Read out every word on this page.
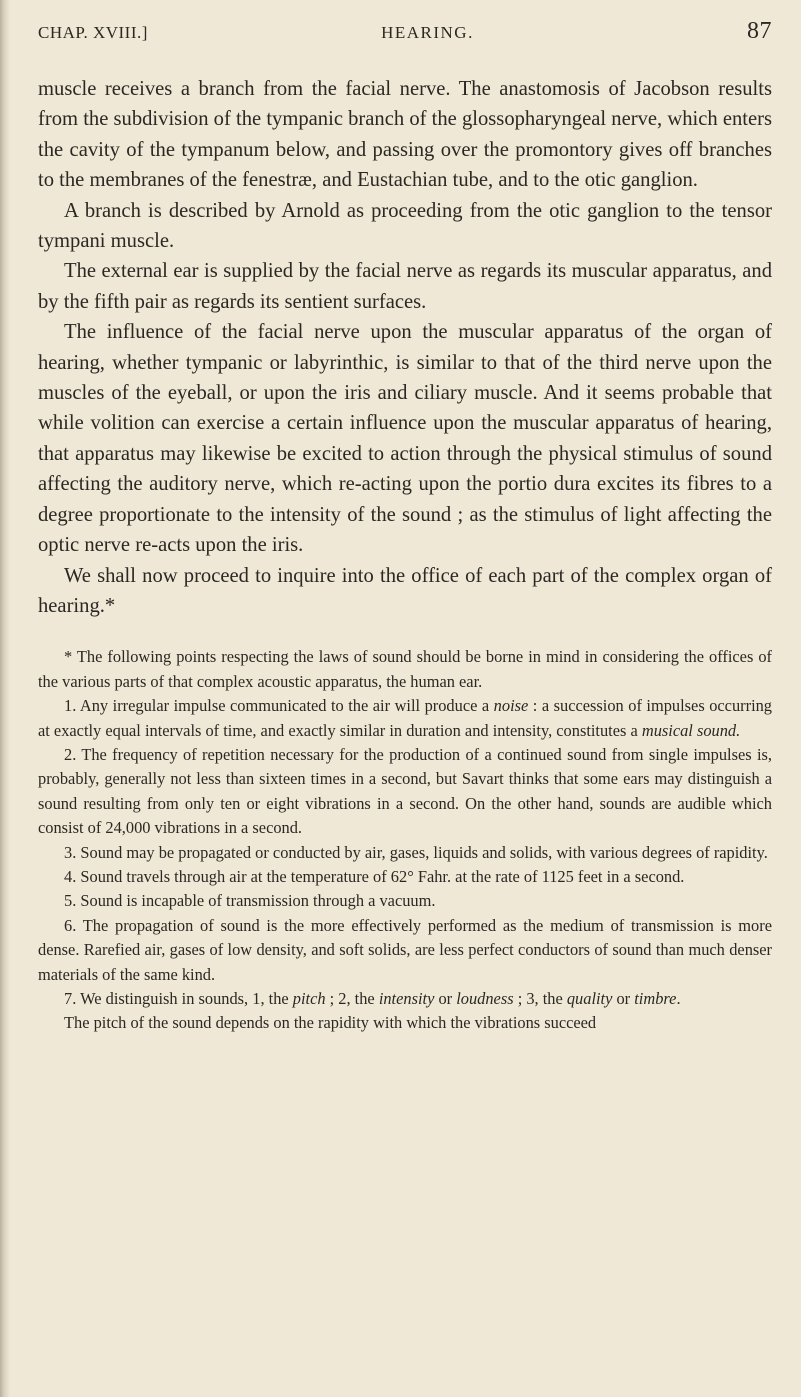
CHAP. XVIII.]	HEARING.	87

muscle receives a branch from the facial nerve. The anastomosis of Jacobson results from the subdivision of the tympanic branch of the glossopharyngeal nerve, which enters the cavity of the tympanum below, and passing over the promontory gives off branches to the membranes of the fenestræ, and Eustachian tube, and to the otic ganglion.

A branch is described by Arnold as proceeding from the otic ganglion to the tensor tympani muscle.

The external ear is supplied by the facial nerve as regards its muscular apparatus, and by the fifth pair as regards its sentient surfaces.

The influence of the facial nerve upon the muscular apparatus of the organ of hearing, whether tympanic or labyrinthic, is similar to that of the third nerve upon the muscles of the eyeball, or upon the iris and ciliary muscle. And it seems probable that while volition can exercise a certain influence upon the muscular apparatus of hearing, that apparatus may likewise be excited to action through the physical stimulus of sound affecting the auditory nerve, which re-acting upon the portio dura excites its fibres to a degree proportionate to the intensity of the sound ; as the stimulus of light affecting the optic nerve re-acts upon the iris.

We shall now proceed to inquire into the office of each part of the complex organ of hearing.*

* The following points respecting the laws of sound should be borne in mind in considering the offices of the various parts of that complex acoustic apparatus, the human ear.

1. Any irregular impulse communicated to the air will produce a noise : a succession of impulses occurring at exactly equal intervals of time, and exactly similar in duration and intensity, constitutes a musical sound.

2. The frequency of repetition necessary for the production of a continued sound from single impulses is, probably, generally not less than sixteen times in a second, but Savart thinks that some ears may distinguish a sound resulting from only ten or eight vibrations in a second. On the other hand, sounds are audible which consist of 24,000 vibrations in a second.

3. Sound may be propagated or conducted by air, gases, liquids and solids, with various degrees of rapidity.

4. Sound travels through air at the temperature of 62° Fahr. at the rate of 1125 feet in a second.

5. Sound is incapable of transmission through a vacuum.

6. The propagation of sound is the more effectively performed as the medium of transmission is more dense. Rarefied air, gases of low density, and soft solids, are less perfect conductors of sound than much denser materials of the same kind.

7. We distinguish in sounds, 1, the pitch ; 2, the intensity or loudness ; 3, the quality or timbre.

The pitch of the sound depends on the rapidity with which the vibrations succeed
